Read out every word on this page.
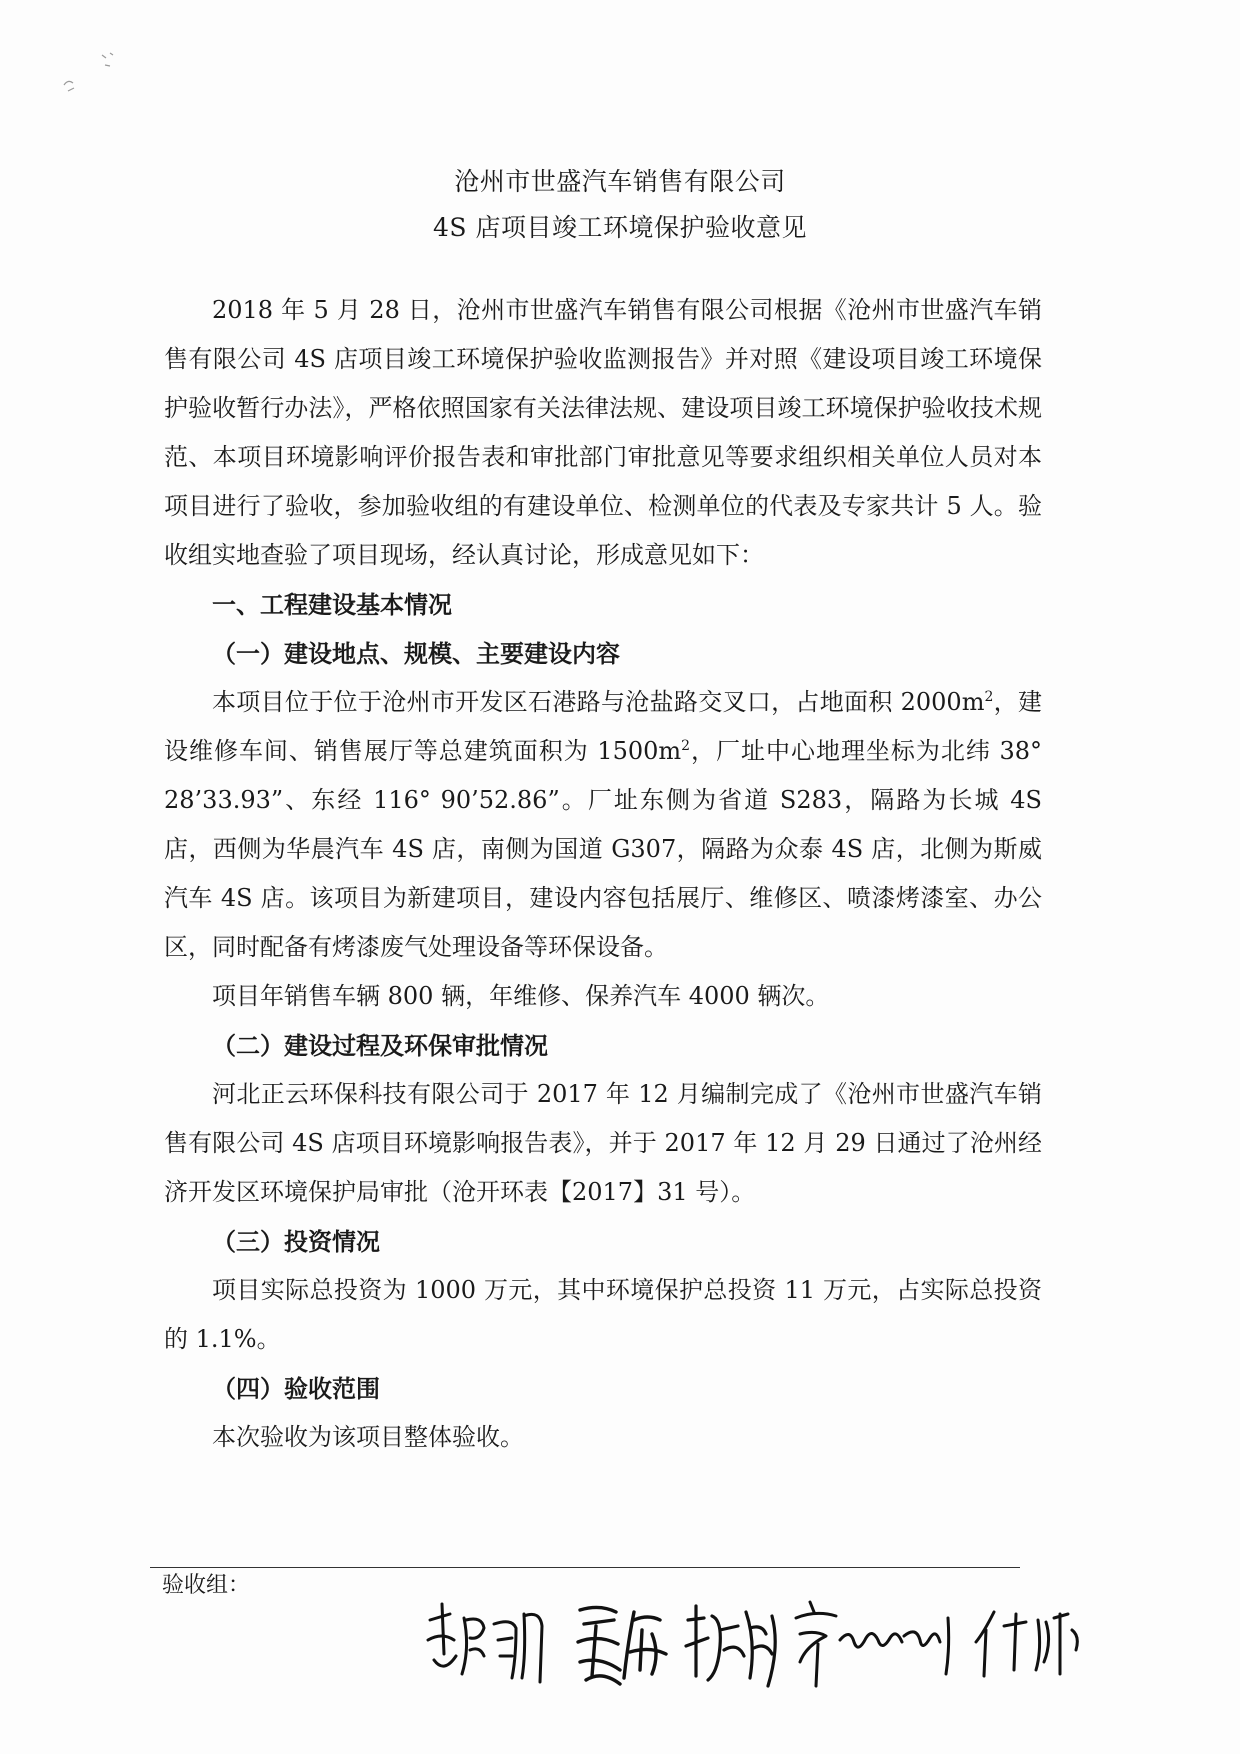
沧州市世盛汽车销售有限公司
4S 店项目竣工环境保护验收意见

2018 年 5 月 28 日，沧州市世盛汽车销售有限公司根据《沧州市世盛汽车销售有限公司 4S 店项目竣工环境保护验收监测报告》并对照《建设项目竣工环境保护验收暂行办法》，严格依照国家有关法律法规、建设项目竣工环境保护验收技术规范、本项目环境影响评价报告表和审批部门审批意见等要求组织相关单位人员对本项目进行了验收，参加验收组的有建设单位、检测单位的代表及专家共计 5 人。验收组实地查验了项目现场，经认真讨论，形成意见如下：

一、工程建设基本情况

（一）建设地点、规模、主要建设内容

本项目位于位于沧州市开发区石港路与沧盐路交叉口，占地面积 $2000m^2$，建设维修车间、销售展厅等总建筑面积为 $1500m^2$，厂址中心地理坐标为北纬 38° 28’33.93”、东经 116° 90’52.86”。厂址东侧为省道 S283，隔路为长城 4S 店，西侧为华晨汽车 4S 店，南侧为国道 G307，隔路为众泰 4S 店，北侧为斯威汽车 4S 店。该项目为新建项目，建设内容包括展厅、维修区、喷漆烤漆室、办公区，同时配备有烤漆废气处理设备等环保设备。

项目年销售车辆 800 辆，年维修、保养汽车 4000 辆次。

（二）建设过程及环保审批情况

河北正云环保科技有限公司于 2017 年 12 月编制完成了《沧州市世盛汽车销售有限公司 4S 店项目环境影响报告表》，并于 2017 年 12 月 29 日通过了沧州经济开发区环境保护局审批（沧开环表【2017】31 号）。

（三）投资情况

项目实际总投资为 1000 万元，其中环境保护总投资 11 万元，占实际总投资的 1.1%。

（四）验收范围

本次验收为该项目整体验收。

验收组：
